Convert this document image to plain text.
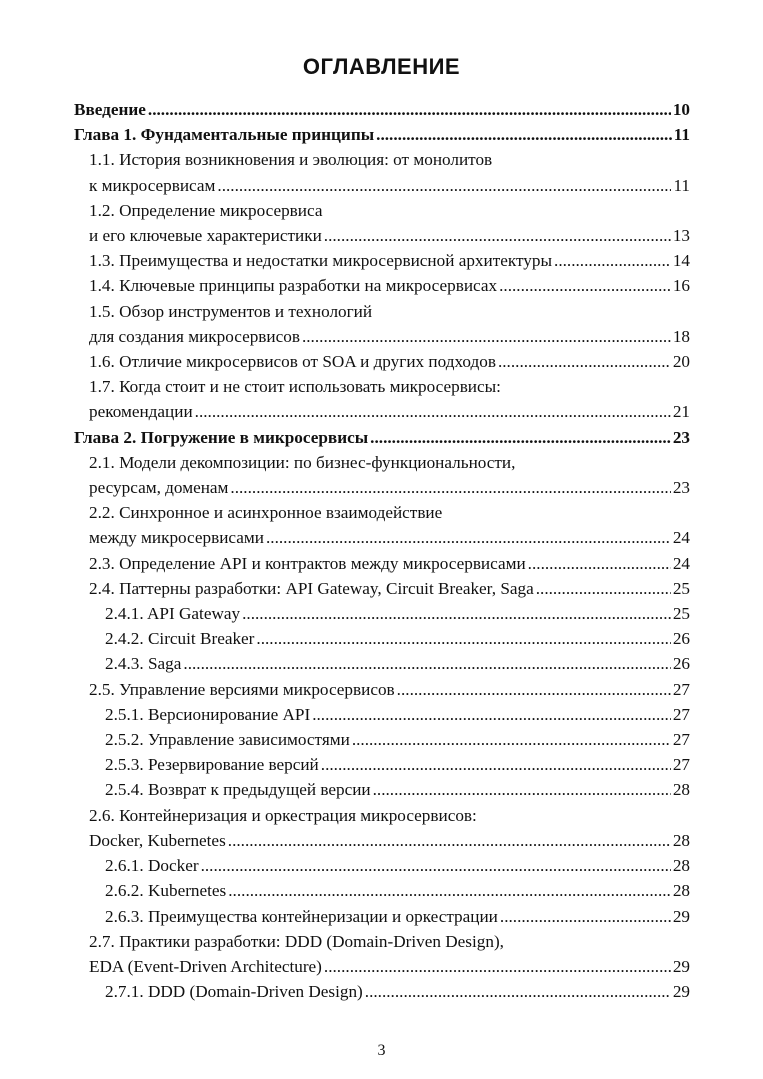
ОГЛАВЛЕНИЕ
Введение .....	10
Глава 1. Фундаментальные принципы .....	11
1.1. История возникновения и эволюция: от монолитов
к микросервисам .....	11
1.2. Определение микросервиса
и его ключевые характеристики .....	13
1.3. Преимущества и недостатки микросервисной архитектуры .....	14
1.4. Ключевые принципы разработки на микросервисах .....	16
1.5. Обзор инструментов и технологий
для создания микросервисов .....	18
1.6. Отличие микросервисов от SOA и других подходов .....	20
1.7. Когда стоит и не стоит использовать микросервисы:
рекомендации .....	21
Глава 2. Погружение в микросервисы .....	23
2.1. Модели декомпозиции: по бизнес-функциональности,
ресурсам, доменам .....	23
2.2. Синхронное и асинхронное взаимодействие
между микросервисами .....	24
2.3. Определение API и контрактов между микросервисами .....	24
2.4. Паттерны разработки: API Gateway, Circuit Breaker, Saga .....	25
2.4.1. API Gateway .....	25
2.4.2. Circuit Breaker .....	26
2.4.3. Saga .....	26
2.5. Управление версиями микросервисов .....	27
2.5.1. Версионирование API .....	27
2.5.2. Управление зависимостями .....	27
2.5.3. Резервирование версий .....	27
2.5.4. Возврат к предыдущей версии .....	28
2.6. Контейнеризация и оркестрация микросервисов:
Docker, Kubernetes .....	28
2.6.1. Docker .....	28
2.6.2. Kubernetes .....	28
2.6.3. Преимущества контейнеризации и оркестрации .....	29
2.7. Практики разработки: DDD (Domain-Driven Design),
EDA (Event-Driven Architecture) .....	29
2.7.1. DDD (Domain-Driven Design) .....	29
3
